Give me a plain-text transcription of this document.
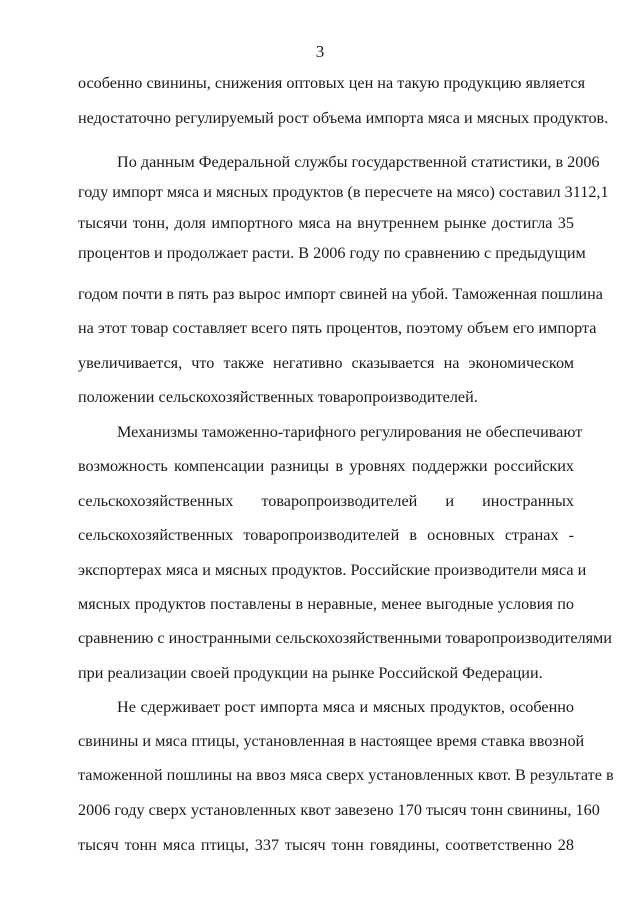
3
особенно свинины, снижения оптовых цен на такую продукцию является
недостаточно регулируемый рост объема импорта мяса и мясных продуктов.
По данным Федеральной службы государственной статистики, в 2006
году импорт мяса и мясных продуктов (в пересчете на мясо) составил 3112,1
тысячи тонн, доля импортного мяса на внутреннем рынке достигла 35
процентов и продолжает расти. В 2006 году по сравнению с предыдущим
годом почти в пять раз вырос импорт свиней на убой. Таможенная пошлина
на этот товар составляет всего пять процентов, поэтому объем его импорта
увеличивается, что также негативно сказывается на экономическом
положении сельскохозяйственных товаропроизводителей.
Механизмы таможенно-тарифного регулирования не обеспечивают
возможность компенсации разницы в уровнях поддержки российских
сельскохозяйственных товаропроизводителей и иностранных
сельскохозяйственных товаропроизводителей в основных странах -
экспортерах мяса и мясных продуктов. Российские производители мяса и
мясных продуктов поставлены в неравные, менее выгодные условия по
сравнению с иностранными сельскохозяйственными товаропроизводителями
при реализации своей продукции на рынке Российской Федерации.
Не сдерживает рост импорта мяса и мясных продуктов, особенно
свинины и мяса птицы, установленная в настоящее время ставка ввозной
таможенной пошлины на ввоз мяса сверх установленных квот. В результате в
2006 году сверх установленных квот завезено 170 тысяч тонн свинины, 160
тысяч тонн мяса птицы, 337 тысяч тонн говядины, соответственно 28
